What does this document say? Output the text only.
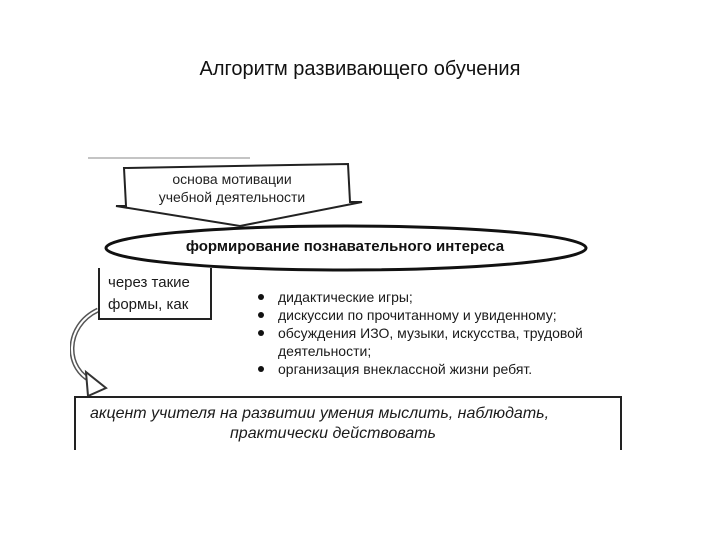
Алгоритм развивающего обучения
основа мотивации
учебной деятельности
формирование познавательного интереса
через такие
формы, как	дидактические игры;
дискуссии по прочитанному и увиденному;
обсуждения ИЗО, музыки, искусства, трудовой
деятельности;
организация внеклассной жизни ребят.
акцент учителя на развитии умения мыслить, наблюдать,
практически действовать
